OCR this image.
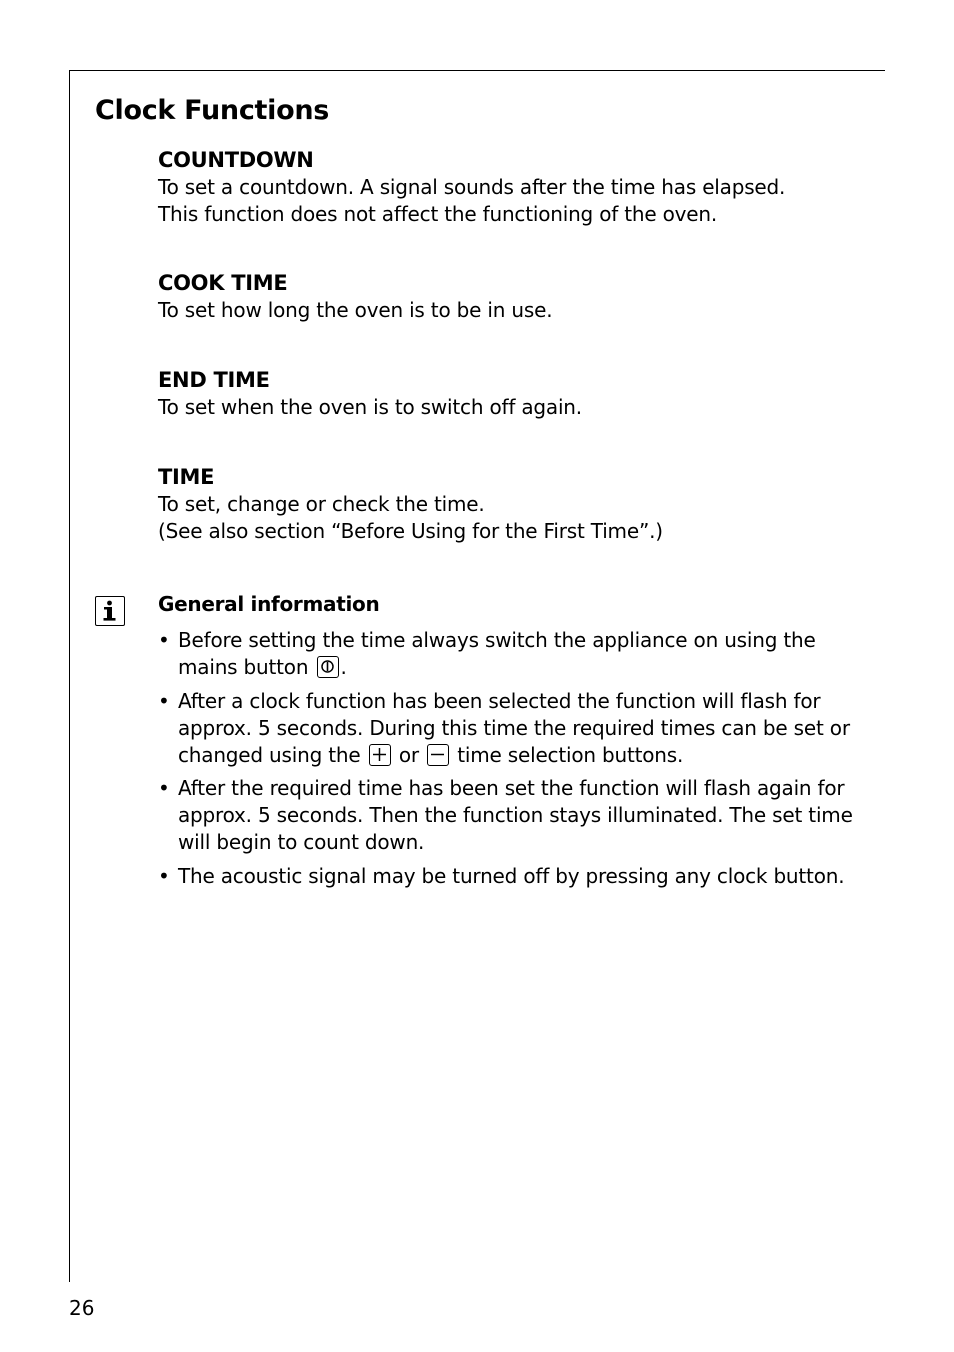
Clock Functions
COUNTDOWN
To set a countdown. A signal sounds after the time has elapsed.
This function does not affect the functioning of the oven.
COOK TIME
To set how long the oven is to be in use.
END TIME
To set when the oven is to switch off again.
TIME
To set, change or check the time.
(See also section “Before Using for the First Time”.)
General information
• Before setting the time always switch the appliance on using the
mains button .
• After a clock function has been selected the function will flash for
approx. 5 seconds. During this time the required times can be set or
changed using the or time selection buttons.
• After the required time has been set the function will flash again for
approx. 5 seconds. Then the function stays illuminated. The set time
will begin to count down.
• The acoustic signal may be turned off by pressing any clock button.
26
